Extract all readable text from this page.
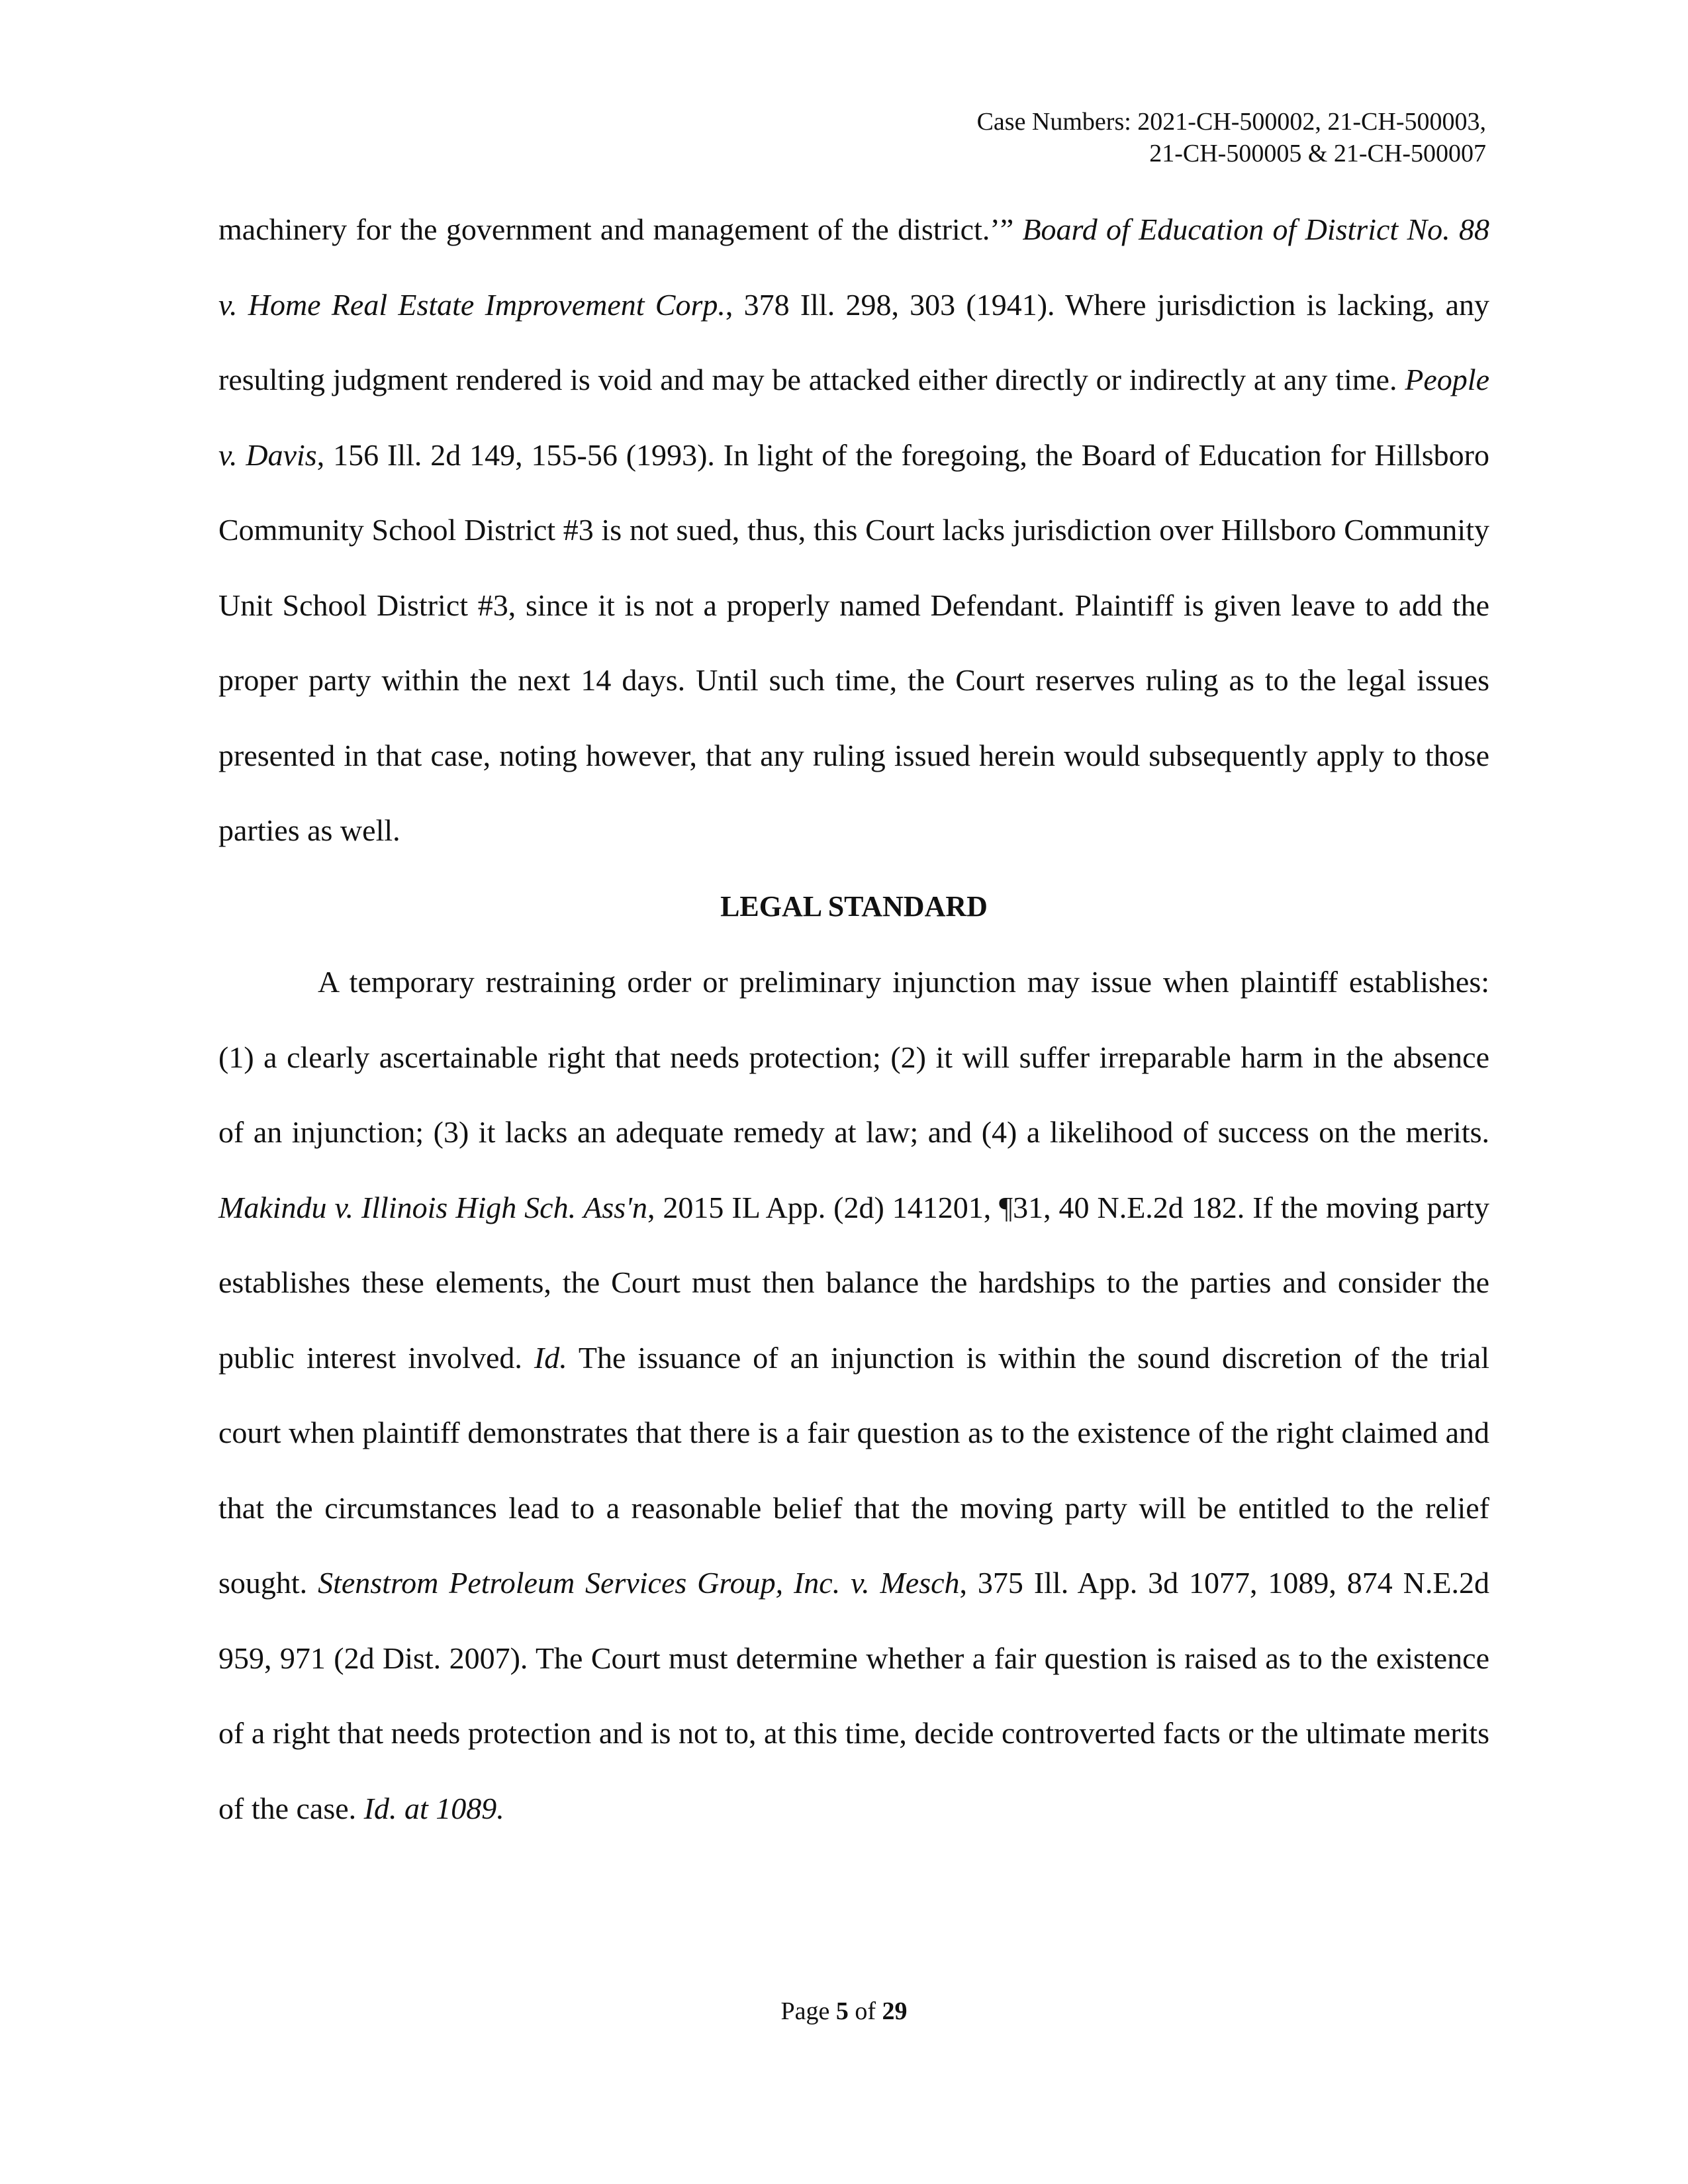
Case Numbers: 2021-CH-500002, 21-CH-500003,
21-CH-500005 & 21-CH-500007
machinery for the government and management of the district.’” Board of Education of District No. 88 v. Home Real Estate Improvement Corp., 378 Ill. 298, 303 (1941). Where jurisdiction is lacking, any resulting judgment rendered is void and may be attacked either directly or indirectly at any time. People v. Davis, 156 Ill. 2d 149, 155-56 (1993). In light of the foregoing, the Board of Education for Hillsboro Community School District #3 is not sued, thus, this Court lacks jurisdiction over Hillsboro Community Unit School District #3, since it is not a properly named Defendant. Plaintiff is given leave to add the proper party within the next 14 days. Until such time, the Court reserves ruling as to the legal issues presented in that case, noting however, that any ruling issued herein would subsequently apply to those parties as well.
LEGAL STANDARD
A temporary restraining order or preliminary injunction may issue when plaintiff establishes: (1) a clearly ascertainable right that needs protection; (2) it will suffer irreparable harm in the absence of an injunction; (3) it lacks an adequate remedy at law; and (4) a likelihood of success on the merits. Makindu v. Illinois High Sch. Ass'n, 2015 IL App. (2d) 141201, ¶31, 40 N.E.2d 182. If the moving party establishes these elements, the Court must then balance the hardships to the parties and consider the public interest involved. Id. The issuance of an injunction is within the sound discretion of the trial court when plaintiff demonstrates that there is a fair question as to the existence of the right claimed and that the circumstances lead to a reasonable belief that the moving party will be entitled to the relief sought. Stenstrom Petroleum Services Group, Inc. v. Mesch, 375 Ill. App. 3d 1077, 1089, 874 N.E.2d 959, 971 (2d Dist. 2007). The Court must determine whether a fair question is raised as to the existence of a right that needs protection and is not to, at this time, decide controverted facts or the ultimate merits of the case. Id. at 1089.
Page 5 of 29
